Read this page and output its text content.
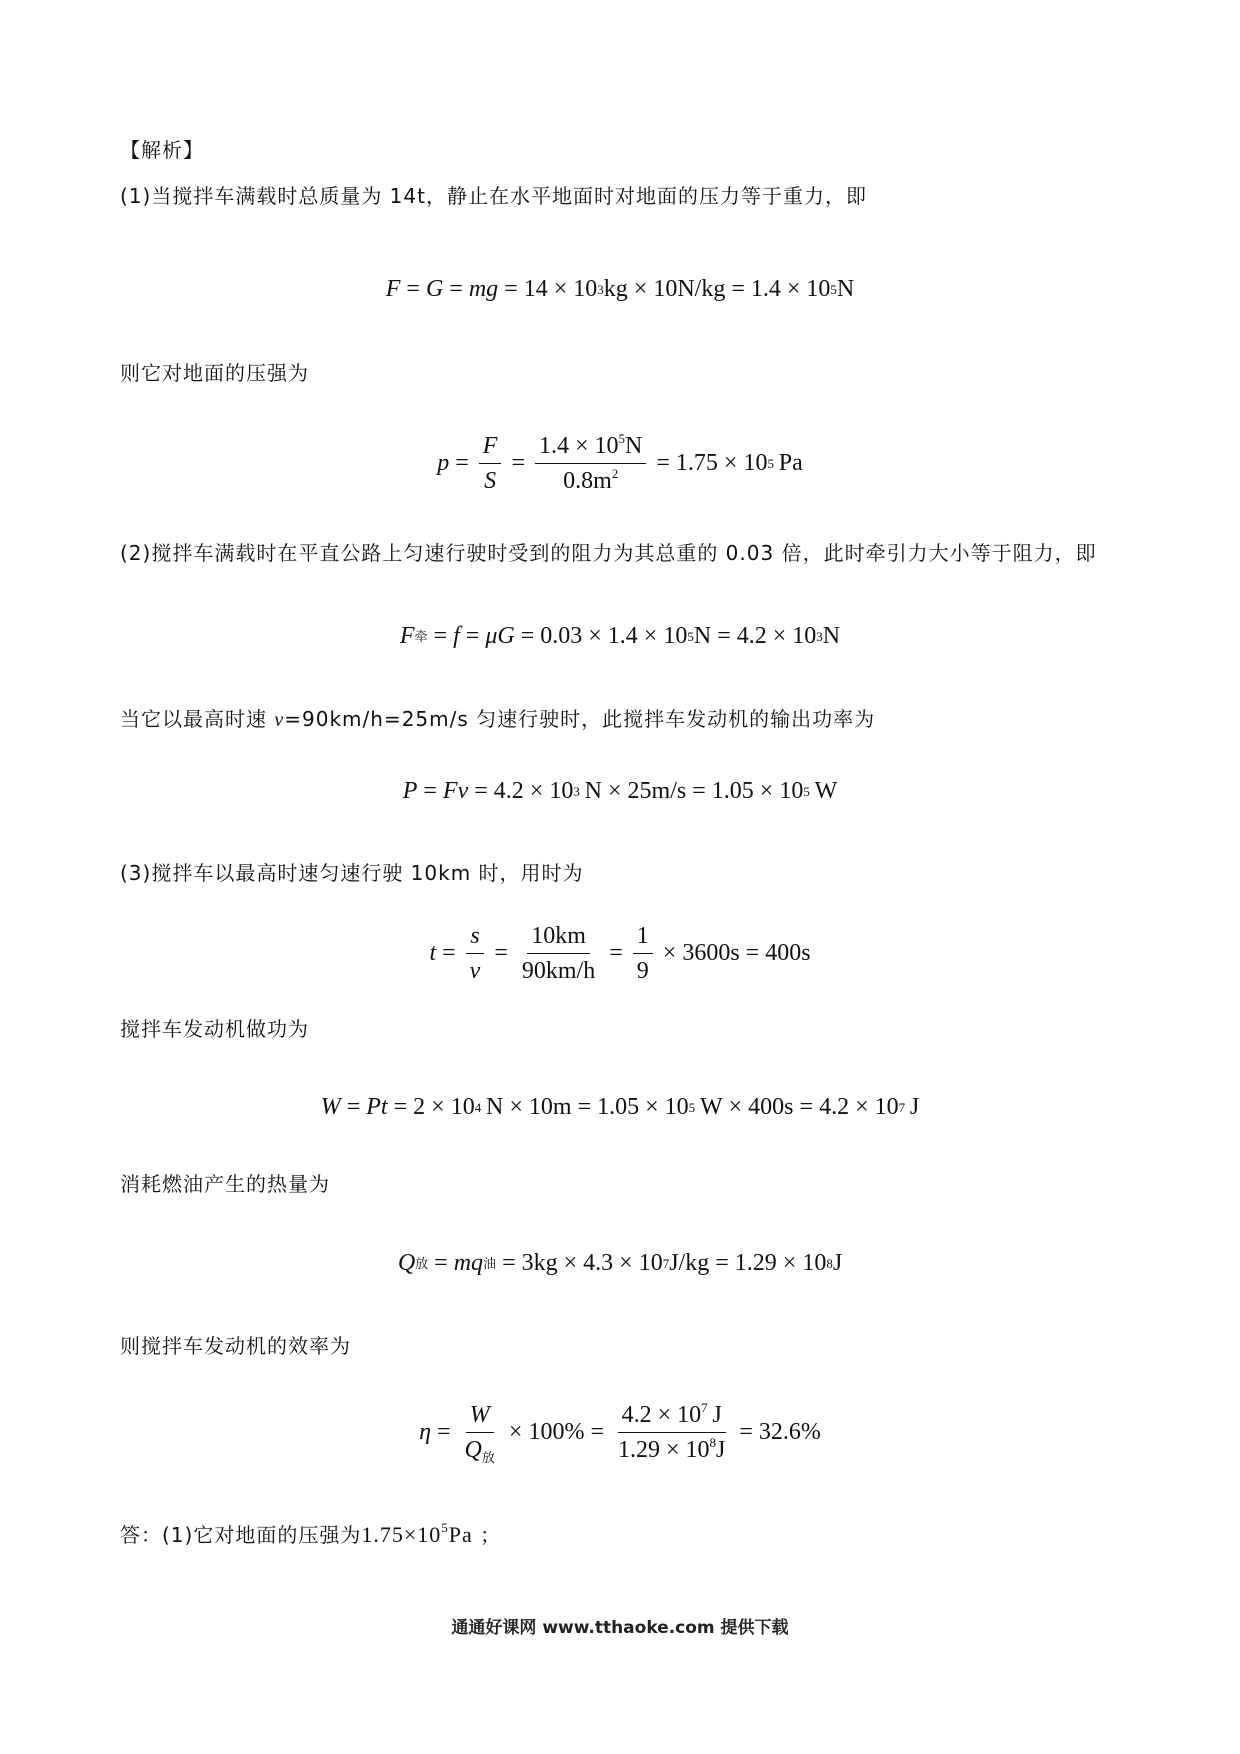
【解析】
(1)当搅拌车满载时总质量为 14t，静止在水平地面时对地面的压力等于重力，即
F = G = mg = 14 × 10 3 kg × 10N/kg = 1.4 × 10 5 N
则它对地面的压强为
$p = \frac{F}{S} = \frac{1.4 \times 10^5N}{0.8m^2} = 1.75 \times 10$ 5
  Pa
(2)搅拌车满载时在平直公路上匀速行驶时受到的阻力为其总重的 0.03 倍，此时牵引力大小等于阻力，即
F 牵 = f = μG = 0.03 × 1.4 × 10 5 N = 4.2 × 10 3 N
当它以最高时速 v=90km/h=25m/s 匀速行驶时，此搅拌车发动机的输出功率为
P = Fv = 4.2 × 10 3
  N × 25m/s = 1.05 × 10 5
  W
(3)搅拌车以最高时速匀速行驶 10km 时，用时为
$t = \frac{s}{v} = \frac{10km}{90km/h} = \frac{1}{9} \times 3600s = 400s$
搅拌车发动机做功为
W = Pt = 2 × 10 4
  N × 10m = 1.05 × 10 5
  W × 400s = 4.2 × 10 7
  J
消耗燃油产生的热量为
Q 放 = mq 油 = 3kg × 4.3 × 10 7 J/kg = 1.29 × 10 8 J
则搅拌车发动机的效率为
$\eta = \frac{W}{Q_放} \times 100\% = \frac{4.2 \times 10^7 J}{1.29 \times 10^8J} = 32.6\%$
答：(1)它对地面的压强为$1.75\times 10^5Pa$ ；
通通好课网 www.tthaoke.com 提供下载
